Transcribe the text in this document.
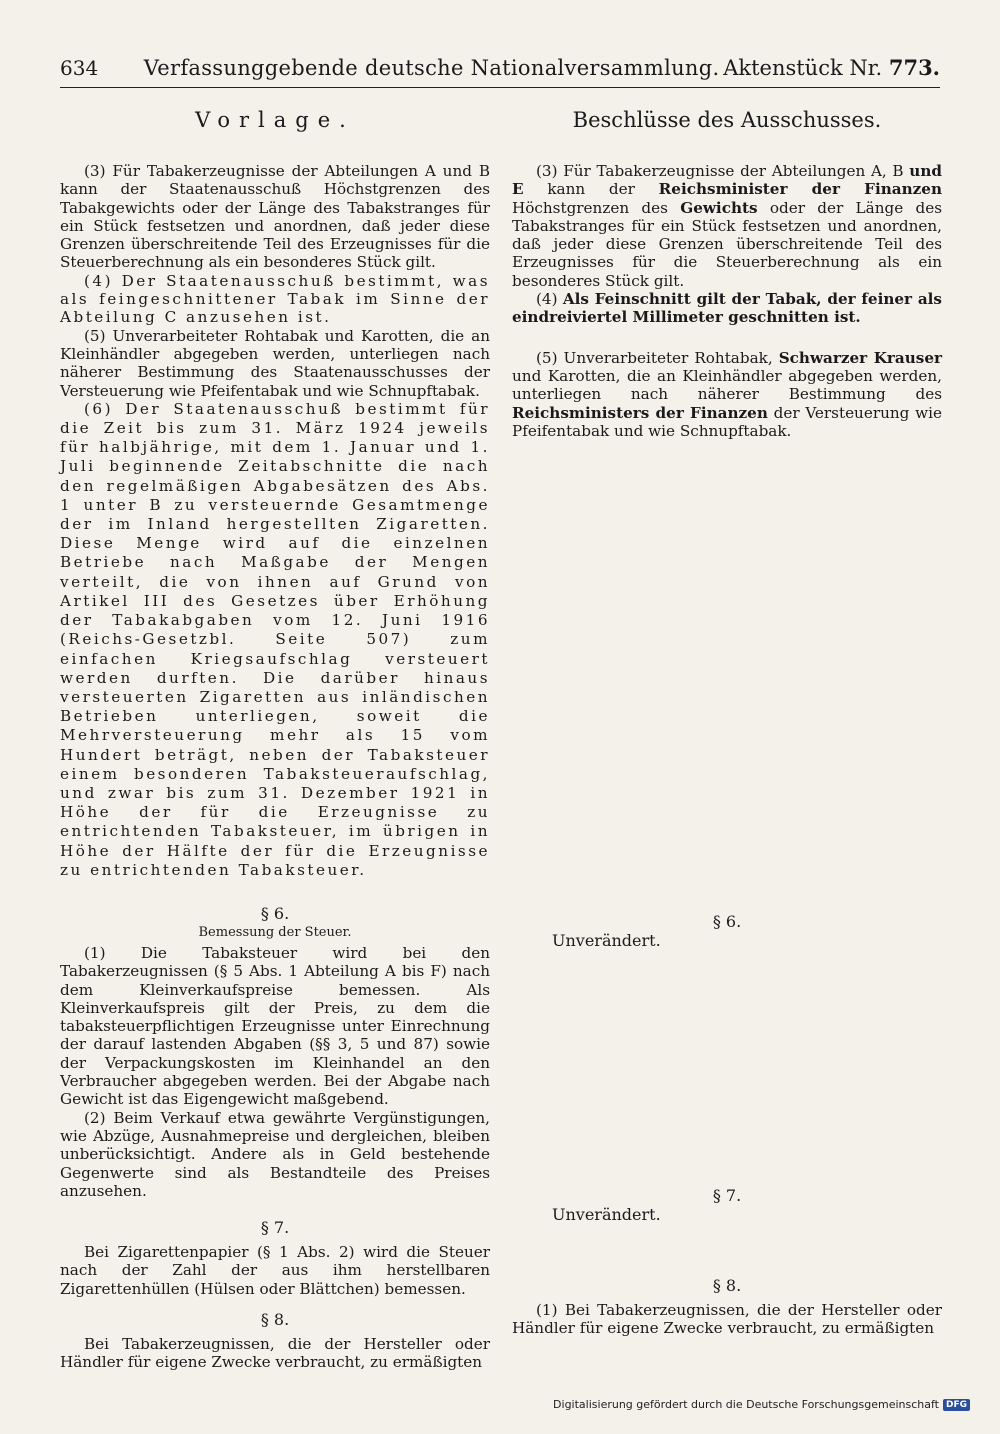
634	Verfassunggebende deutsche Nationalversammlung. Aktenstück Nr. 773.
Vorlage.

(3) Für Tabakerzeugnisse der Abteilungen A und B kann der Staatenausschuß Höchstgrenzen des Tabakgewichts oder der Länge des Tabakstranges für ein Stück festsetzen und anordnen, daß jeder diese Grenzen überschreitende Teil des Erzeugnisses für die Steuerberechnung als ein besonderes Stück gilt.

(4) Der Staatenausschuß bestimmt, was als feingeschnittener Tabak im Sinne der Abteilung C anzusehen ist.

(5) Unverarbeiteter Rohtabak und Karotten, die an Kleinhändler abgegeben werden, unterliegen nach näherer Bestimmung des Staatenausschusses der Versteuerung wie Pfeifentabak und wie Schnupftabak.

(6) Der Staatenausschuß bestimmt für die Zeit bis zum 31. März 1924 jeweils für halbjährige, mit dem 1. Januar und 1. Juli beginnende Zeitabschnitte die nach den regelmäßigen Abgabesätzen des Abs. 1 unter B zu versteuernde Gesamtmenge der im Inland hergestellten Zigaretten. Diese Menge wird auf die einzelnen Betriebe nach Maßgabe der Mengen verteilt, die von ihnen auf Grund von Artikel III des Gesetzes über Erhöhung der Tabakabgaben vom 12. Juni 1916 (Reichs-Gesetzbl. Seite 507) zum einfachen Kriegsaufschlag versteuert werden durften. Die darüber hinaus versteuerten Zigaretten aus inländischen Betrieben unterliegen, soweit die Mehrversteuerung mehr als 15 vom Hundert beträgt, neben der Tabaksteuer einem besonderen Tabaksteueraufschlag, und zwar bis zum 31. Dezember 1921 in Höhe der für die Erzeugnisse zu entrichtenden Tabaksteuer, im übrigen in Höhe der Hälfte der für die Erzeugnisse zu entrichtenden Tabaksteuer.

§ 6.

Bemessung der Steuer.

(1) Die Tabaksteuer wird bei den Tabakerzeugnissen (§ 5 Abs. 1 Abteilung A bis F) nach dem Kleinverkaufspreise bemessen. Als Kleinverkaufspreis gilt der Preis, zu dem die tabaksteuerpflichtigen Erzeugnisse unter Einrechnung der darauf lastenden Abgaben (§§ 3, 5 und 87) sowie der Verpackungskosten im Kleinhandel an den Verbraucher abgegeben werden. Bei der Abgabe nach Gewicht ist das Eigengewicht maßgebend.

(2) Beim Verkauf etwa gewährte Vergünstigungen, wie Abzüge, Ausnahmepreise und dergleichen, bleiben unberücksichtigt. Andere als in Geld bestehende Gegenwerte sind als Bestandteile des Preises anzusehen.

§ 7.

Bei Zigarettenpapier (§ 1 Abs. 2) wird die Steuer nach der Zahl der aus ihm herstellbaren Zigarettenhüllen (Hülsen oder Blättchen) bemessen.

§ 8.

Bei Tabakerzeugnissen, die der Hersteller oder Händler für eigene Zwecke verbraucht, zu ermäßigten

Beschlüsse des Ausschusses.

(3) Für Tabakerzeugnisse der Abteilungen A, B und E kann der Reichsminister der Finanzen Höchstgrenzen des Gewichts oder der Länge des Tabakstranges für ein Stück festsetzen und anordnen, daß jeder diese Grenzen überschreitende Teil des Erzeugnisses für die Steuerberechnung als ein besonderes Stück gilt.

(4) Als Feinschnitt gilt der Tabak, der feiner als eindreiviertel Millimeter geschnitten ist.

(5) Unverarbeiteter Rohtabak, Schwarzer Krauser und Karotten, die an Kleinhändler abgegeben werden, unterliegen nach näherer Bestimmung des Reichsministers der Finanzen der Versteuerung wie Pfeifentabak und wie Schnupftabak.

§ 6.

Unverändert.

§ 7.

Unverändert.

§ 8.

(1) Bei Tabakerzeugnissen, die der Hersteller oder Händler für eigene Zwecke verbraucht, zu ermäßigten

Digitalisierung gefördert durch die Deutsche Forschungsgemeinschaft DFG
